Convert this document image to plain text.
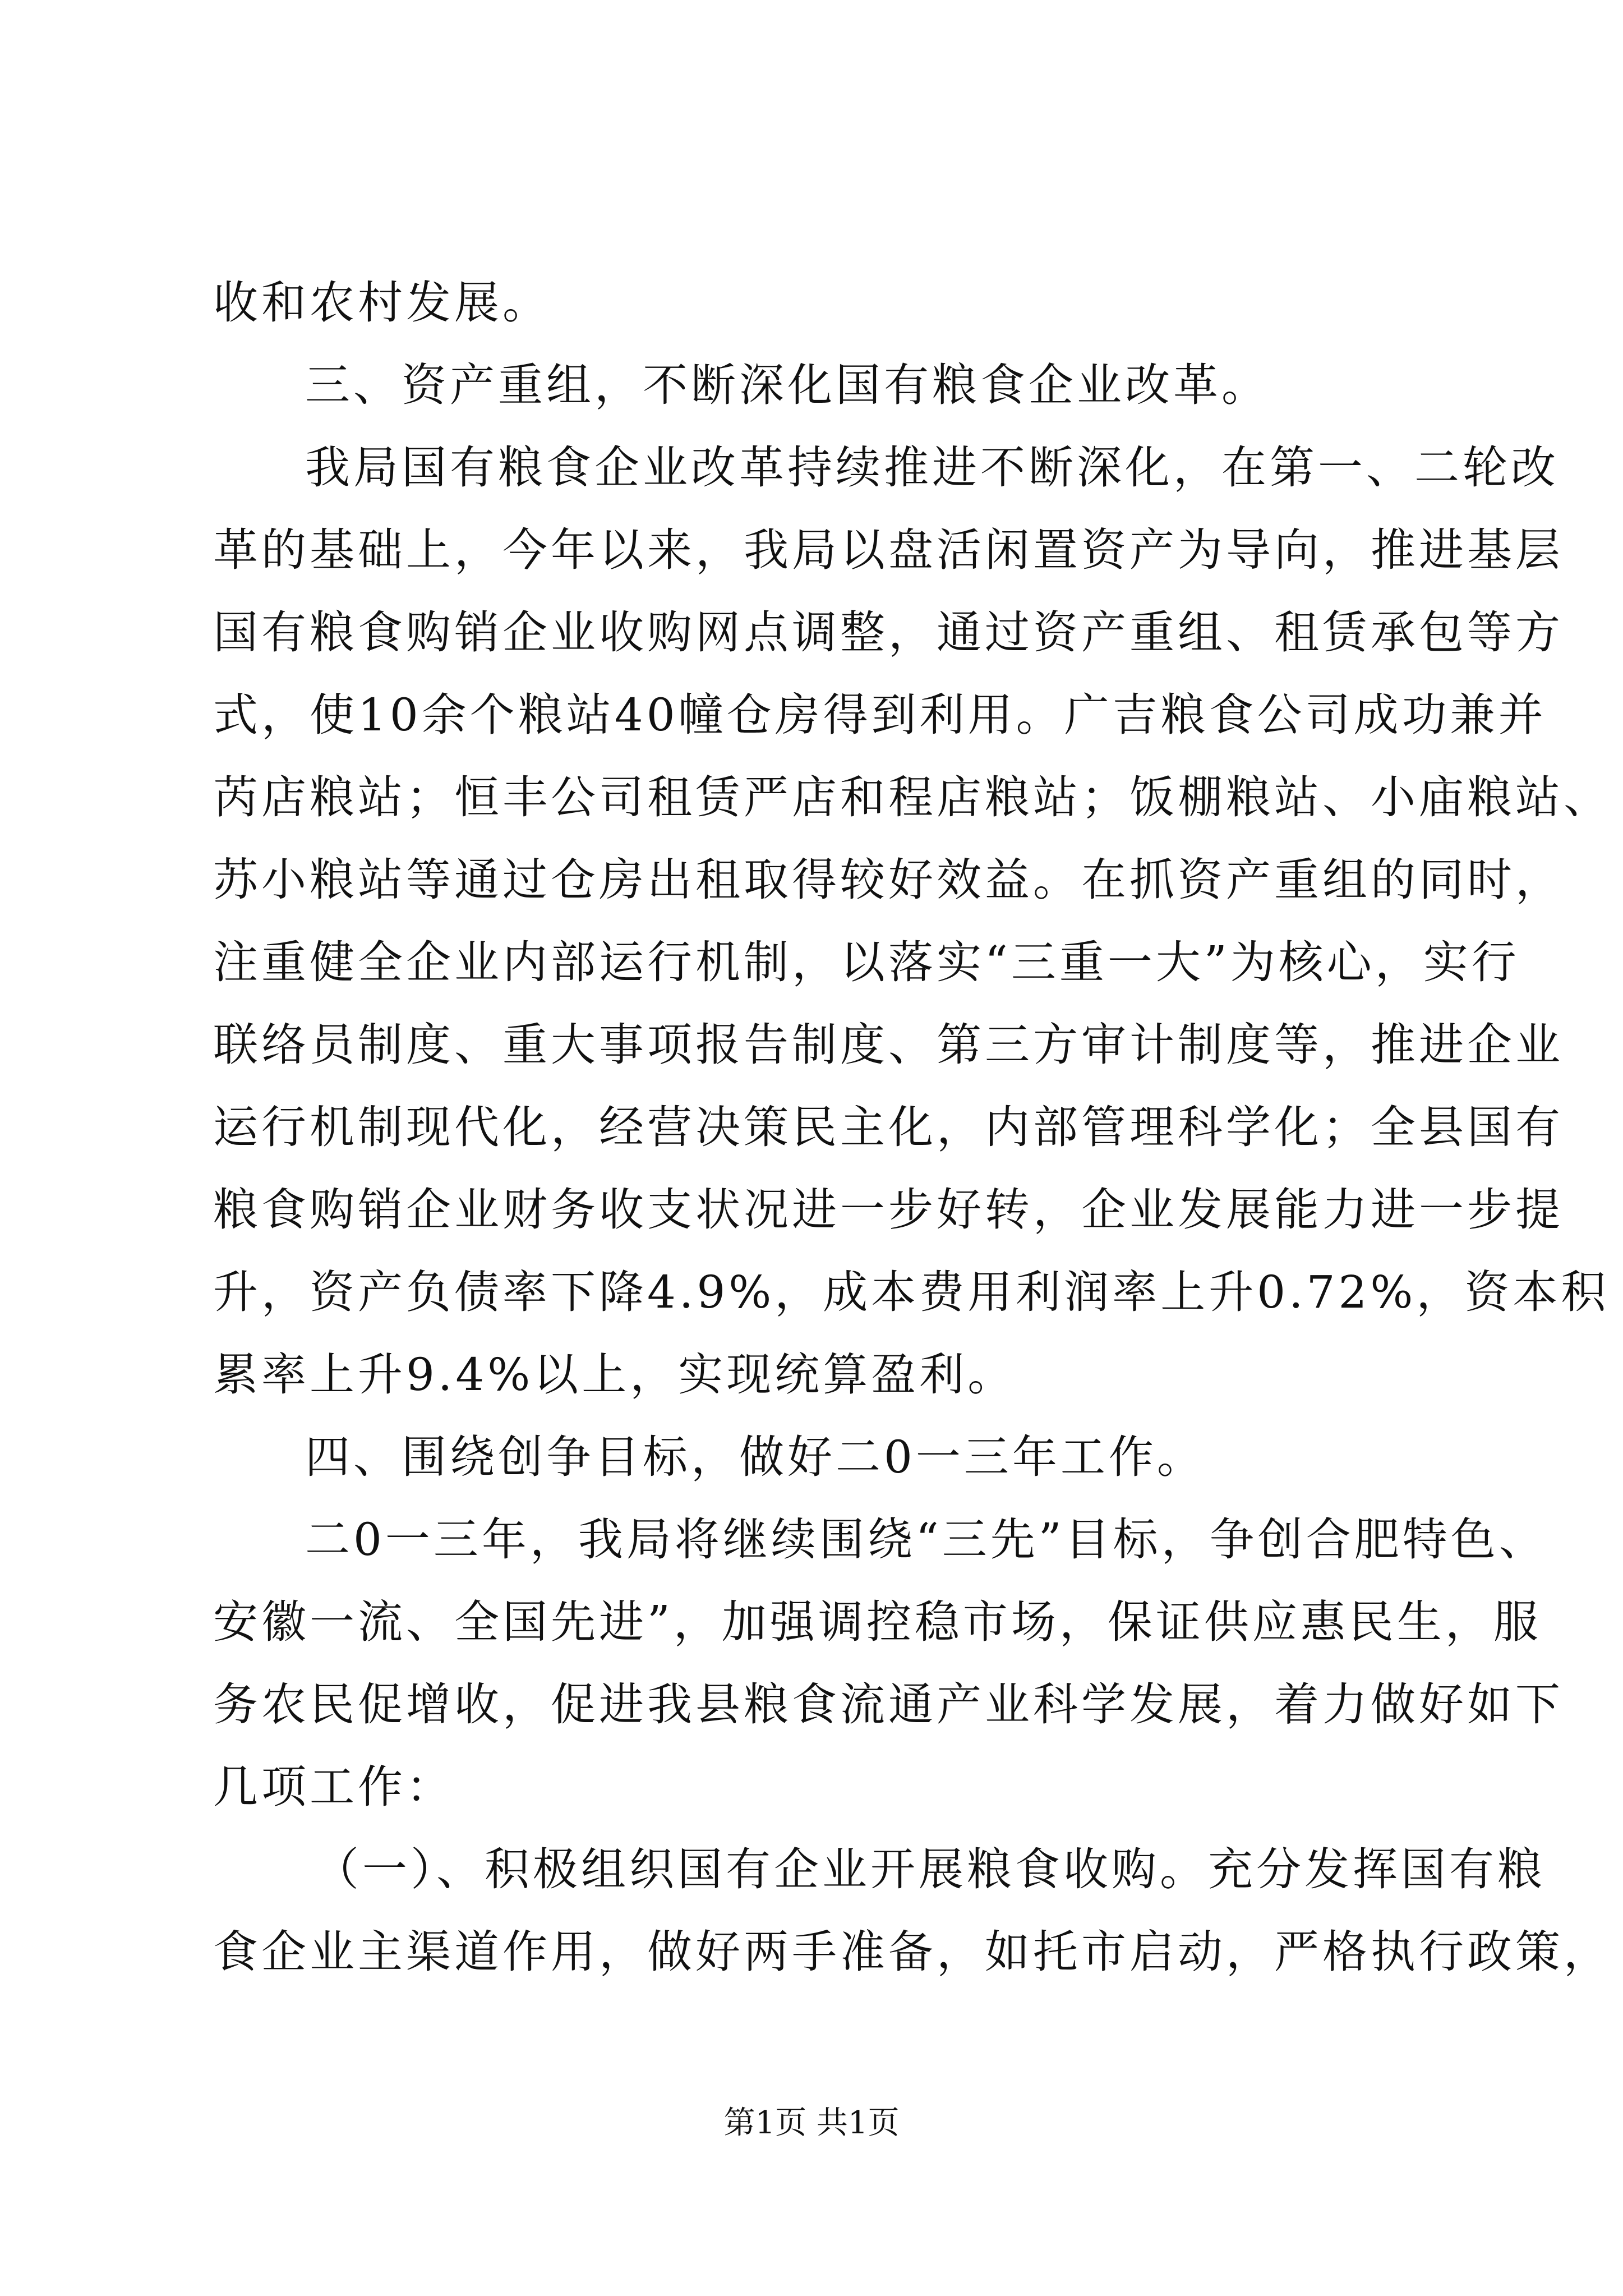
收和农村发展。
三、资产重组，不断深化国有粮食企业改革。
我局国有粮食企业改革持续推进不断深化，在第一、二轮改
革的基础上，今年以来，我局以盘活闲置资产为导向，推进基层
国有粮食购销企业收购网点调整，通过资产重组、租赁承包等方
式，使10余个粮站40幢仓房得到利用。广吉粮食公司成功兼并
芮店粮站；恒丰公司租赁严店和程店粮站；饭棚粮站、小庙粮站、
苏小粮站等通过仓房出租取得较好效益。在抓资产重组的同时，
注重健全企业内部运行机制，以落实“三重一大”为核心，实行
联络员制度、重大事项报告制度、第三方审计制度等，推进企业
运行机制现代化，经营决策民主化，内部管理科学化；全县国有
粮食购销企业财务收支状况进一步好转，企业发展能力进一步提
升，资产负债率下降4.9%，成本费用利润率上升0.72%，资本积
累率上升9.4%以上，实现统算盈利。
四、围绕创争目标，做好二0一三年工作。
二0一三年，我局将继续围绕“三先”目标，争创合肥特色、
安徽一流、全国先进”，加强调控稳市场，保证供应惠民生，服
务农民促增收，促进我县粮食流通产业科学发展，着力做好如下
几项工作：
（一）、积极组织国有企业开展粮食收购。充分发挥国有粮
食企业主渠道作用，做好两手准备，如托市启动，严格执行政策，
第1页 共1页
